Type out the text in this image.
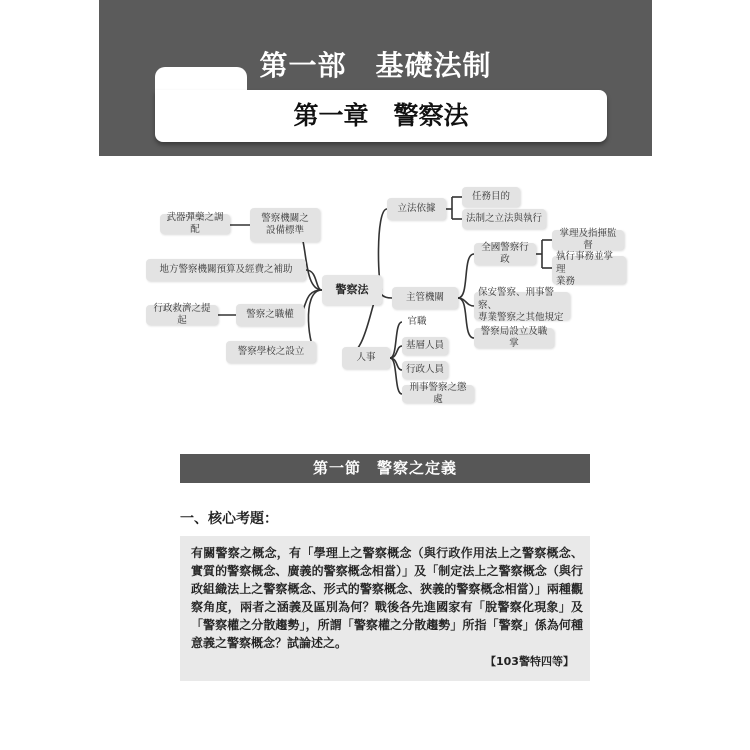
第一部　基礎法制
第一章　警察法
警察法
警察機關之
設備標準
武器彈藥之調配
地方警察機關預算及經費之補助
警察之職權
行政救濟之提起
警察學校之設立
立法依據
任務目的
法制之立法與執行
主管機關
全國警察行政
掌理及指揮監督
執行事務並掌理
業務
保安警察、刑事警察、
專業警察之其他規定
警察局設立及職掌
人事
官職
基層人員
行政人員
刑事警察之懲處
第一節　警察之定義

一、核心考題：

有關警察之概念，有「學理上之警察概念（與行政作用法上之警察概念、實質的警察概念、廣義的警察概念相當）」及「制定法上之警察概念（與行政組織法上之警察概念、形式的警察概念、狹義的警察概念相當）」兩種觀察角度，兩者之涵義及區別為何？戰後各先進國家有「脫警察化現象」及「警察權之分散趨勢」，所謂「警察權之分散趨勢」所指「警察」係為何種意義之警察概念？試論述之。

【103警特四等】
